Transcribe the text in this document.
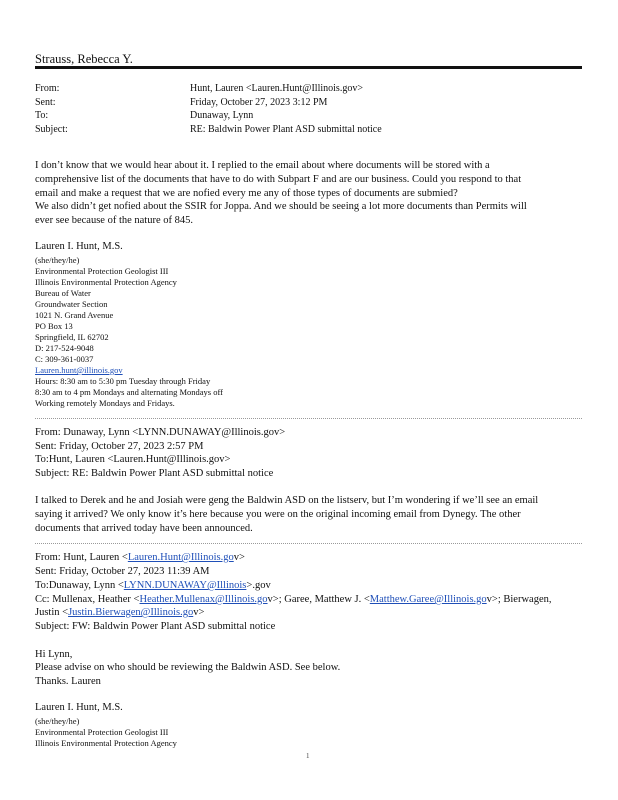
Strauss, Rebecca Y.
From:	Hunt, Lauren <Lauren.Hunt@Illinois.gov>
Sent:	Friday, October 27, 2023 3:12 PM
To:	Dunaway, Lynn
Subject:	RE: Baldwin Power Plant ASD submittal notice
I don’t know that we would hear about it. I replied to the email about where documents will be stored with a
comprehensive list of the documents that have to do with Subpart F and are our business. Could you respond to that
email and make a request that we are nofied every me any of those types of documents are submied?
We also didn’t get nofied about the SSIR for Joppa. And we should be seeing a lot more documents than Permits will
ever see because of the nature of 845.
Lauren I. Hunt, M.S.
(she/they/he)
Environmental Protection Geologist III
Illinois Environmental Protection Agency
Bureau of Water
Groundwater Section
1021 N. Grand Avenue
PO Box 13
Springfield, IL 62702
D: 217-524-9048
C: 309-361-0037
Lauren.hunt@illinois.gov
Hours: 8:30 am to 5:30 pm Tuesday through Friday
8:30 am to 4 pm Mondays and alternating Mondays off
Working remotely Mondays and Fridays.
From: Dunaway, Lynn <LYNN.DUNAWAY@Illinois.gov>
Sent: Friday, October 27, 2023 2:57 PM
To:Hunt, Lauren <Lauren.Hunt@Illinois.gov>
Subject: RE: Baldwin Power Plant ASD submittal notice
I talked to Derek and he and Josiah were geng the Baldwin ASD on the listserv, but I’m wondering if we’ll see an email
saying it arrived? We only know it’s here because you were on the original incoming email from Dynegy. The other
documents that arrived today have been announced.
From: Hunt, Lauren <Lauren.Hunt@Illinois.gov>
Sent: Friday, October 27, 2023 11:39 AM
To:Dunaway, Lynn <LYNN.DUNAWAY@Illinois>.gov
Cc: Mullenax, Heather <Heather.Mullenax@Illinois.gov>; Garee, Matthew J. <Matthew.Garee@Illinois.gov>; Bierwagen,
Justin <Justin.Bierwagen@Illinois.gov>
Subject: FW: Baldwin Power Plant ASD submittal notice
Hi Lynn,
Please advise on who should be reviewing the Baldwin ASD. See below.
Thanks. Lauren
Lauren I. Hunt, M.S.
(she/they/he)
Environmental Protection Geologist III
Illinois Environmental Protection Agency
1
